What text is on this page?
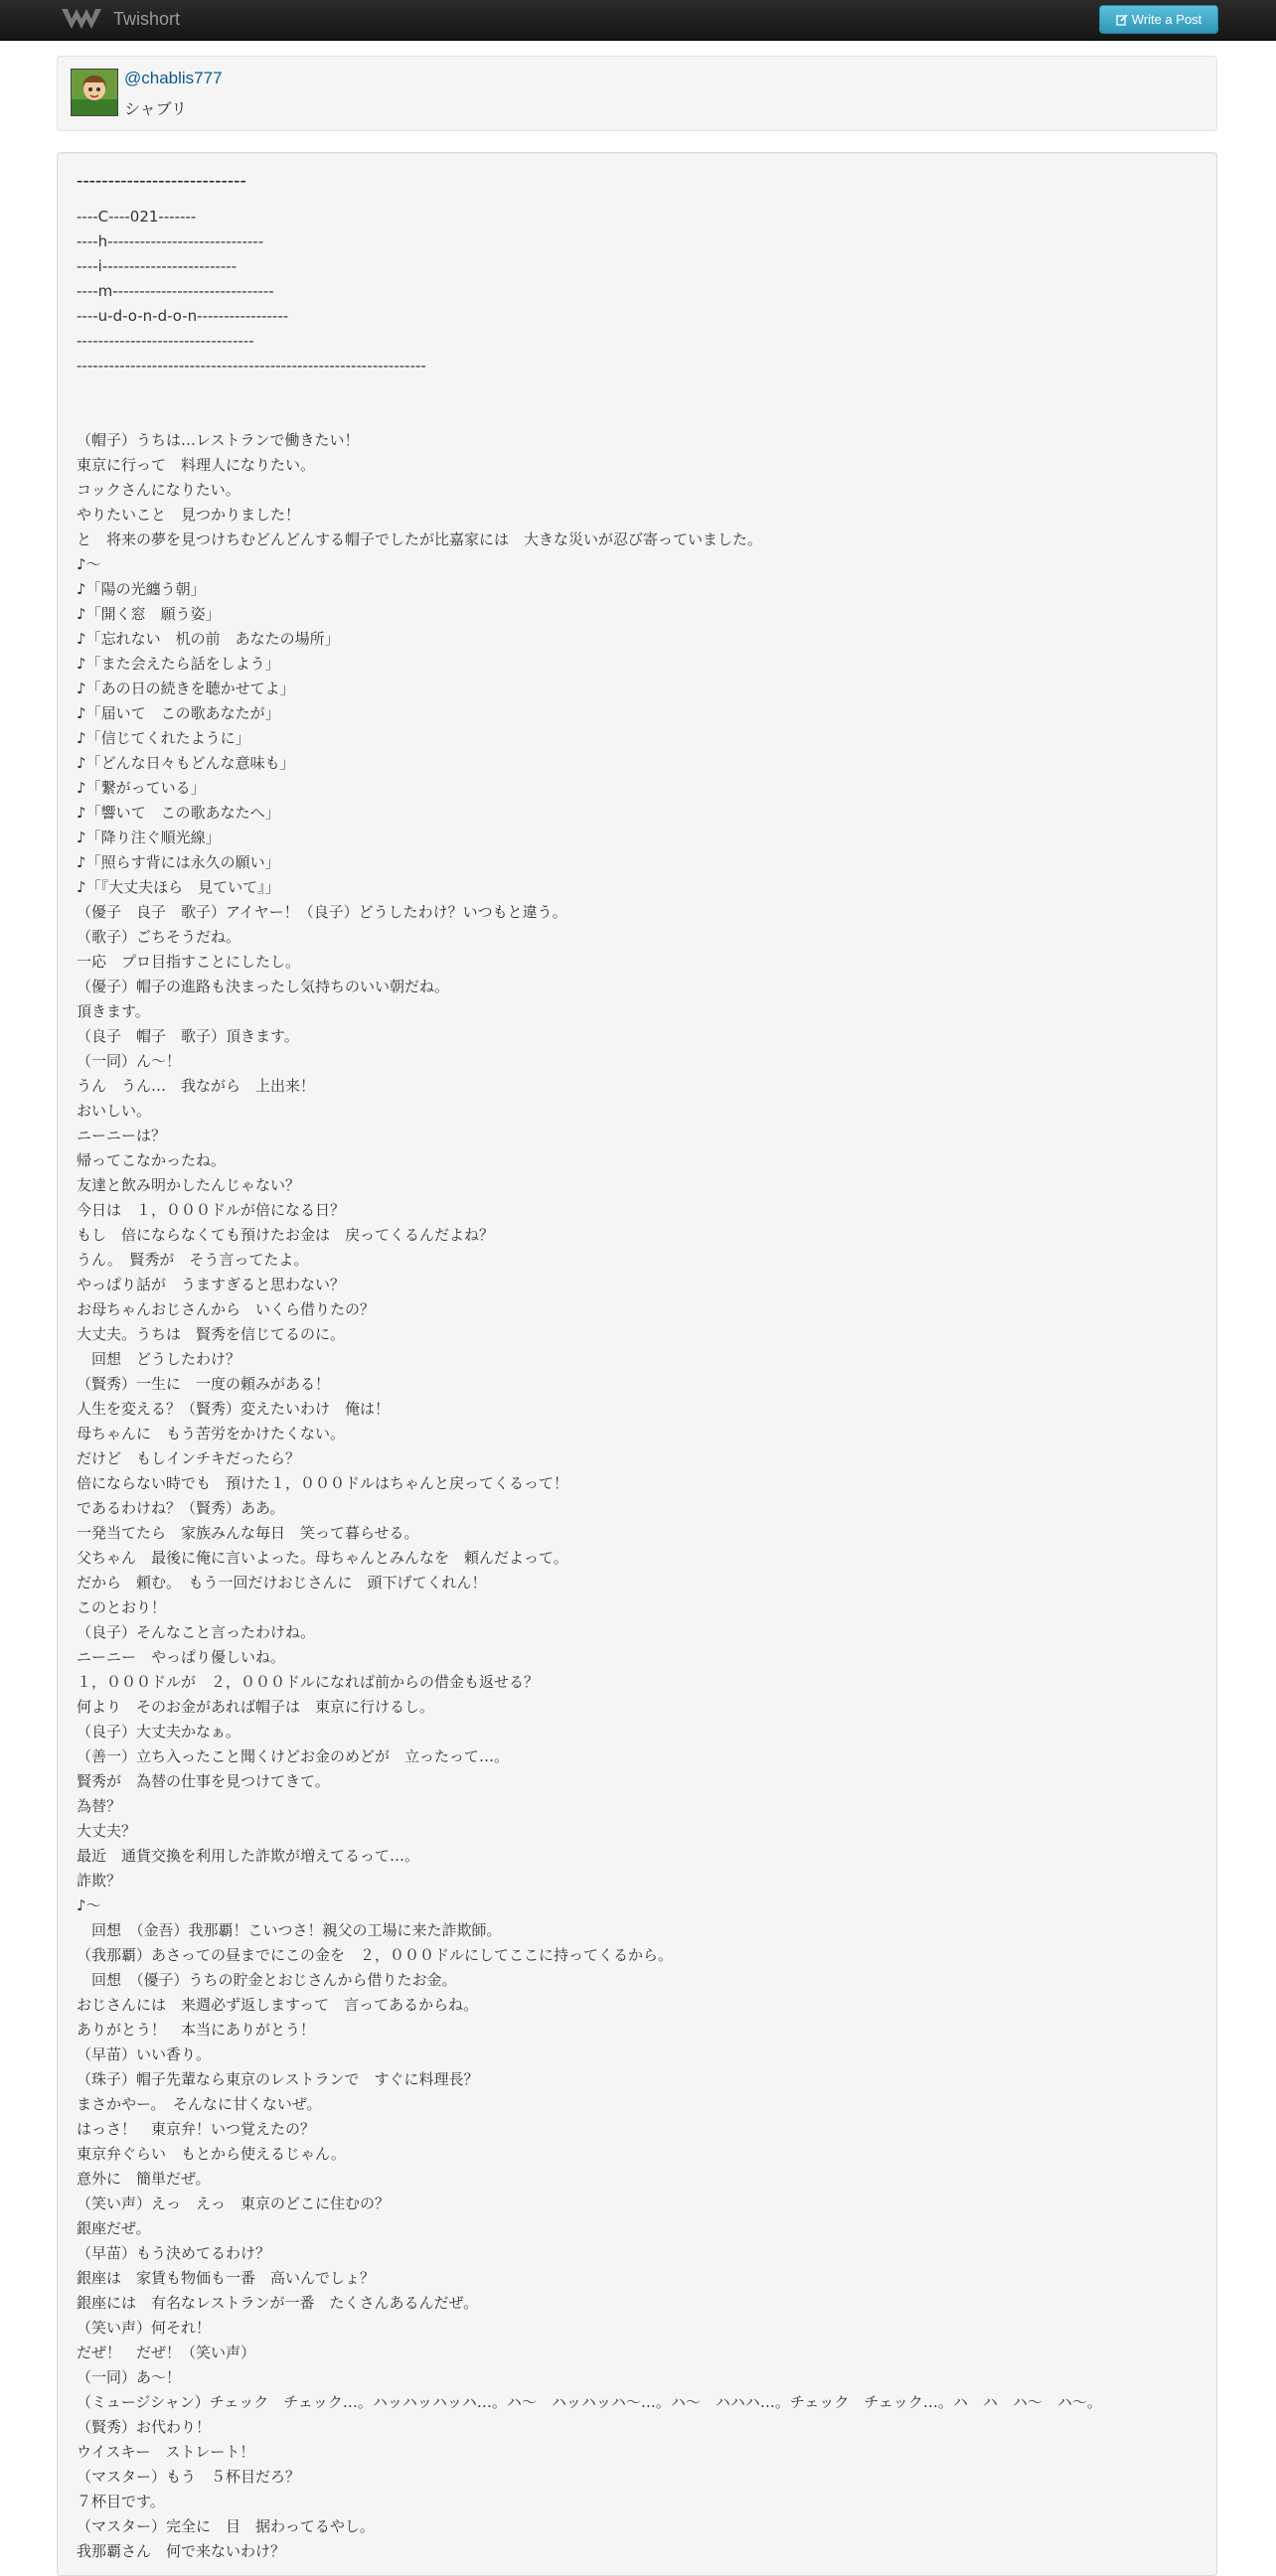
Twishort	Write a Post
@chablis777
シャブリ
---------------------------
----C----021-------
----h-----------------------------
----i-------------------------
----m------------------------------
----u-d-o-n-d-o-n-----------------
---------------------------------
-----------------------------------------------------------------
（帽子）うちは…レストランで働きたい！
東京に行って　料理人になりたい。
コックさんになりたい。
やりたいこと　見つかりました！
と　将来の夢を見つけちむどんどんする帽子でしたが比嘉家には　大きな災いが忍び寄っていました。
♪～
♪「陽の光纏う朝」
♪「開く窓　願う姿」
♪「忘れない　机の前　あなたの場所」
♪「また会えたら話をしよう」
♪「あの日の続きを聴かせてよ」
♪「届いて　この歌あなたが」
♪「信じてくれたように」
♪「どんな日々もどんな意味も」
♪「繋がっている」
♪「響いて　この歌あなたへ」
♪「降り注ぐ順光線」
♪「照らす背には永久の願い」
♪「『大丈夫ほら　見ていて』」
（優子　良子　歌子）アイヤー！（良子）どうしたわけ？いつもと違う。
（歌子）ごちそうだね。
一応　プロ目指すことにしたし。
（優子）帽子の進路も決まったし気持ちのいい朝だね。
頂きます。
（良子　帽子　歌子）頂きます。
（一同）ん～！
うん　うん…　我ながら　上出来！
おいしい。
ニーニーは？
帰ってこなかったね。
友達と飲み明かしたんじゃない？
今日は　１，０００ドルが倍になる日？
もし　倍にならなくても預けたお金は　戻ってくるんだよね？
うん。　賢秀が　そう言ってたよ。
やっぱり話が　うますぎると思わない？
お母ちゃんおじさんから　いくら借りたの？
大丈夫。うちは　賢秀を信じてるのに。
　回想　どうしたわけ？
（賢秀）一生に　一度の頼みがある！
人生を変える？（賢秀）変えたいわけ　俺は！
母ちゃんに　もう苦労をかけたくない。
だけど　もしインチキだったら？
倍にならない時でも　預けた１，０００ドルはちゃんと戻ってくるって！
であるわけね？（賢秀）ああ。
一発当てたら　家族みんな毎日　笑って暮らせる。
父ちゃん　最後に俺に言いよった。母ちゃんとみんなを　頼んだよって。
だから　頼む。　もう一回だけおじさんに　頭下げてくれん！
このとおり！
（良子）そんなこと言ったわけね。
ニーニー　やっぱり優しいね。
１，０００ドルが　２，０００ドルになれば前からの借金も返せる？
何より　そのお金があれば帽子は　東京に行けるし。
（良子）大丈夫かなぁ。
（善一）立ち入ったこと聞くけどお金のめどが　立ったって…。
賢秀が　為替の仕事を見つけてきて。
為替？
大丈夫？
最近　通貨交換を利用した詐欺が増えてるって…。
詐欺？
♪～
　回想　（金吾）我那覇！こいつさ！親父の工場に来た詐欺師。
（我那覇）あさっての昼までにこの金を　２，０００ドルにしてここに持ってくるから。
　回想　（優子）うちの貯金とおじさんから借りたお金。
おじさんには　来週必ず返しますって　言ってあるからね。
ありがとう！　本当にありがとう！
（早苗）いい香り。
（珠子）帽子先輩なら東京のレストランで　すぐに料理長？
まさかやー。　そんなに甘くないぜ。
はっさ！　東京弁！いつ覚えたの？
東京弁ぐらい　もとから使えるじゃん。
意外に　簡単だぜ。
（笑い声）えっ　えっ　東京のどこに住むの？
銀座だぜ。
（早苗）もう決めてるわけ？
銀座は　家賃も物価も一番　高いんでしょ？
銀座には　有名なレストランが一番　たくさんあるんだぜ。
（笑い声）何それ！
だぜ！　だぜ！（笑い声）
（一同）あ～！
（ミュージシャン）チェック　チェック…。ハッハッハッハ…。ハ～　ハッハッハ～…。ハ～　ハハハ…。チェック　チェック…。ハ　ハ　ハ～　ハ～。
（賢秀）お代わり！
ウイスキー　ストレート！
（マスター）もう　５杯目だろ？
７杯目です。
（マスター）完全に　目　据わってるやし。
我那覇さん　何で来ないわけ？
